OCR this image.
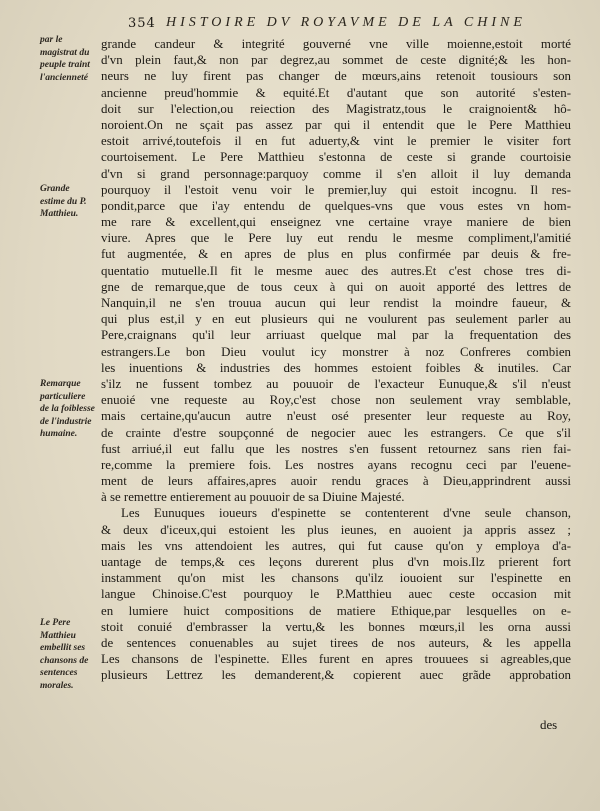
354 HISTOIRE DV ROYAVME DE LA CHINE
par le magistrat du peuple traint l'ancienneté
Grande estime du P. Matthieu.
Remarque particuliere de la foiblesse de l'industrie humaine.
Le Pere Matthieu embellit ses chansons de sentences morales.
grande candeur & integrité gouverné vne ville moienne,estoit morté
d'vn plein faut,& non par degrez,au sommet de ceste dignité;& les hon-
neurs ne luy firent pas changer de mœurs,ains retenoit tousiours son
ancienne preud'hommie & equité.Et d'autant que son autorité s'esten-
doit sur l'election,ou reiection des Magistratz,tous le craignoient& hô-
noroient.On ne sçait pas assez par qui il entendit que le Pere Matthieu
estoit arrivé,toutefois il en fut aduerty,& vint le premier le visiter fort
courtoisement. Le Pere Matthieu s'estonna de ceste si grande courtoisie
d'vn si grand personnage:parquoy comme il s'en alloit il luy demanda
pourquoy il l'estoit venu voir le premier,luy qui estoit incognu. Il res-
pondit,parce que i'ay entendu de quelques-vns que vous estes vn hom-
me rare & excellent,qui enseignez vne certaine vraye maniere de bien
viure. Apres que le Pere luy eut rendu le mesme compliment,l'amitié
fut augmentée, & en apres de plus en plus confirmée par deuis & fre-
quentatio mutuelle.Il fit le mesme auec des autres.Et c'est chose tres di-
gne de remarque,que de tous ceux à qui on auoit apporté des lettres de
Nanquin,il ne s'en trouua aucun qui leur rendist la moindre faueur, &
qui plus est,il y en eut plusieurs qui ne voulurent pas seulement parler au
Pere,craignans qu'il leur arriuast quelque mal par la frequentation des
estrangers.Le bon Dieu voulut icy monstrer à noz Confreres combien
les inuentions & industries des hommes estoient foibles & inutiles. Car
s'ilz ne fussent tombez au pouuoir de l'exacteur Eunuque,& s'il n'eust
enuoié vne requeste au Roy,c'est chose non seulement vray semblable,
mais certaine,qu'aucun autre n'eust osé presenter leur requeste au Roy,
de crainte d'estre soupçonné de negocier auec les estrangers. Ce que s'il
fust arriué,il eut fallu que les nostres s'en fussent retournez sans rien fai-
re,comme la premiere fois. Les nostres ayans recognu ceci par l'euene-
ment de leurs affaires,apres auoir rendu graces à Dieu,apprindrent aussi
à se remettre entierement au pouuoir de sa Diuine Majesté.
Les Eunuques ioueurs d'espinette se contenterent d'vne seule chanson,
& deux d'iceux,qui estoient les plus ieunes, en auoient ja appris assez ;
mais les vns attendoient les autres, qui fut cause qu'on y employa d'a-
uantage de temps,& ces leçons durerent plus d'vn mois.Ilz prierent fort
instamment qu'on mist les chansons qu'ilz iouoient sur l'espinette en
langue Chinoise.C'est pourquoy le P.Matthieu auec ceste occasion mit
en lumiere huict compositions de matiere Ethique,par lesquelles on e-
stoit conuié d'embrasser la vertu,& les bonnes mœurs,il les orna aussi
de sentences conuenables au sujet tirees de nos auteurs, & les appella
Les chansons de l'espinette. Elles furent en apres trouuees si agreables,que
plusieurs Lettrez les demanderent,& copierent auec grãde approbation
des
